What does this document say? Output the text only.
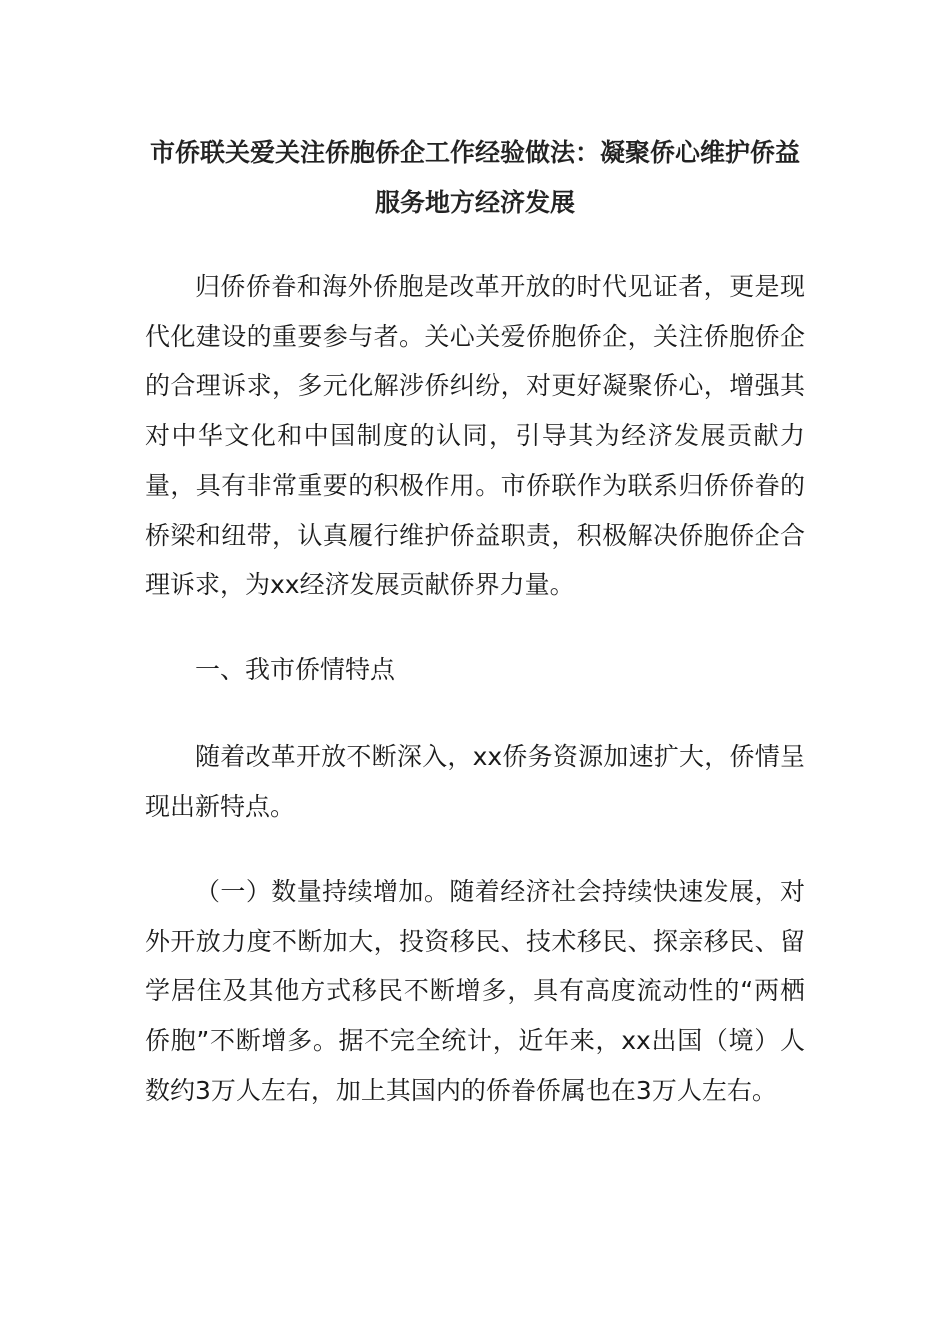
市侨联关爱关注侨胞侨企工作经验做法：凝聚侨心维护侨益服务地方经济发展

归侨侨眷和海外侨胞是改革开放的时代见证者，更是现代化建设的重要参与者。关心关爱侨胞侨企，关注侨胞侨企的合理诉求，多元化解涉侨纠纷，对更好凝聚侨心，增强其对中华文化和中国制度的认同，引导其为经济发展贡献力量，具有非常重要的积极作用。市侨联作为联系归侨侨眷的桥梁和纽带，认真履行维护侨益职责，积极解决侨胞侨企合理诉求，为xx经济发展贡献侨界力量。

一、我市侨情特点

随着改革开放不断深入，xx侨务资源加速扩大，侨情呈现出新特点。

（一）数量持续增加。随着经济社会持续快速发展，对外开放力度不断加大，投资移民、技术移民、探亲移民、留学居住及其他方式移民不断增多，具有高度流动性的“两栖侨胞”不断增多。据不完全统计，近年来，xx出国（境）人数约3万人左右，加上其国内的侨眷侨属也在3万人左右。
